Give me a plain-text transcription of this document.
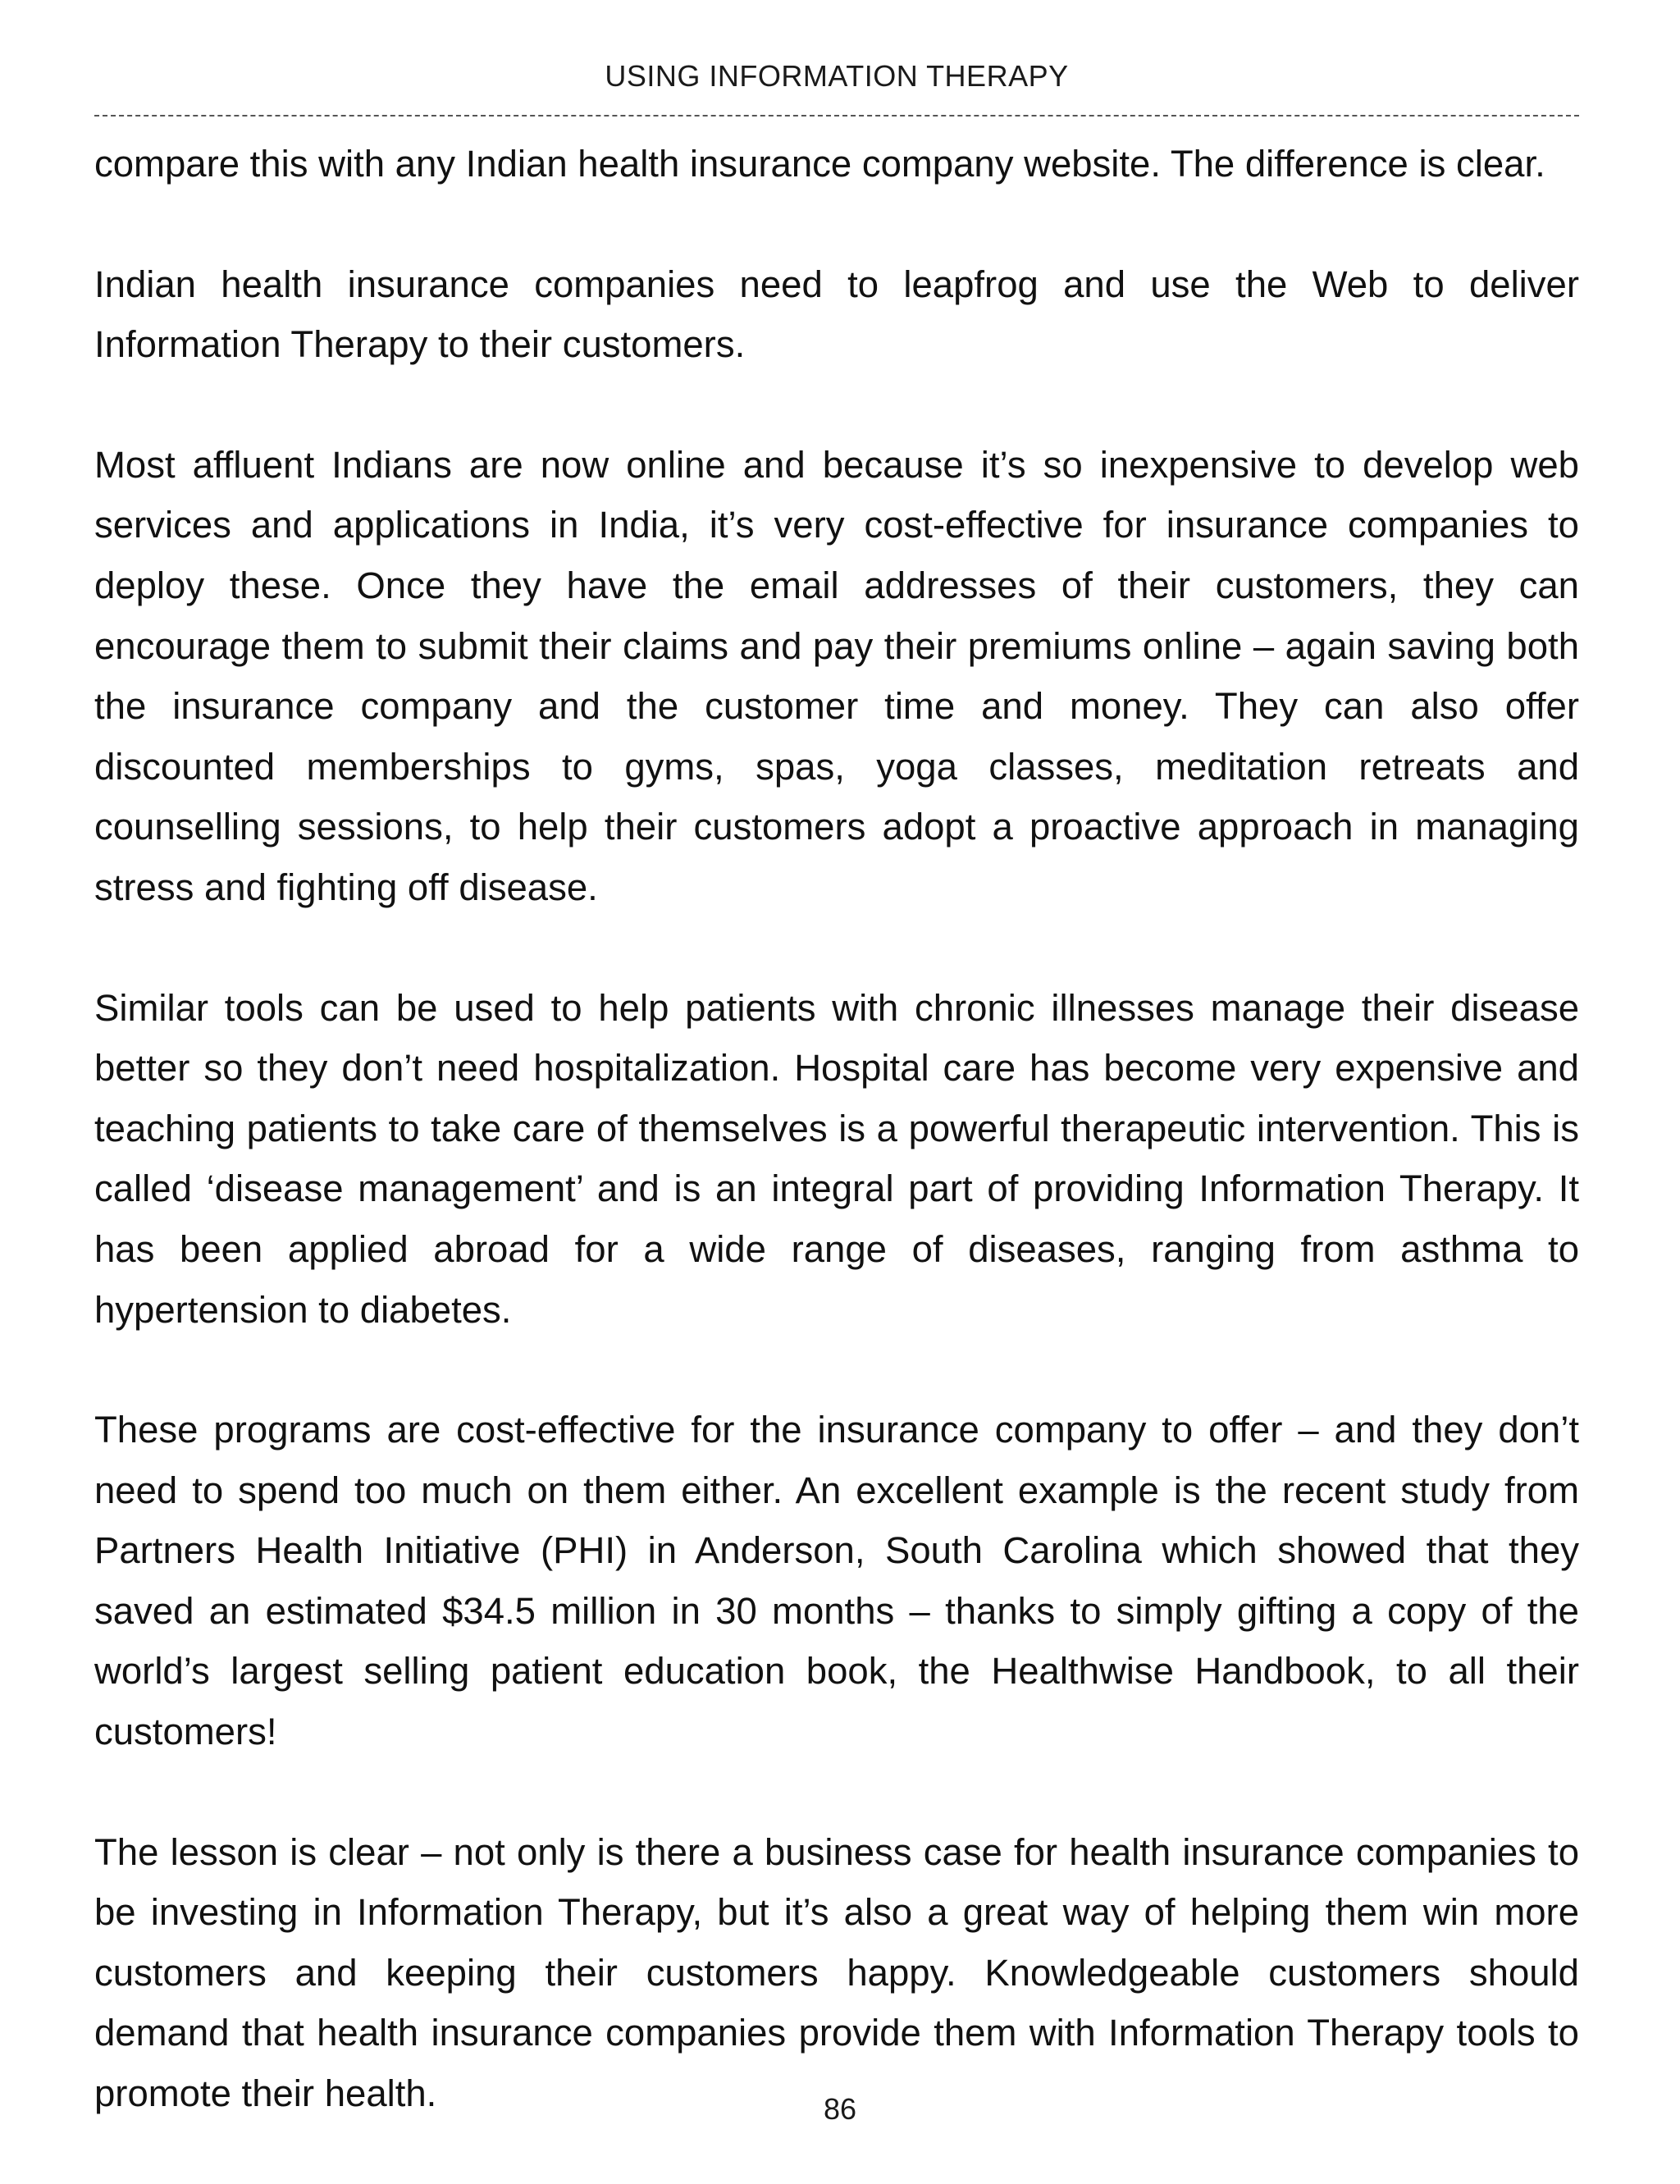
USING INFORMATION THERAPY

compare this with any Indian health insurance company website. The difference is clear.

Indian health insurance companies need to leapfrog and use the Web to deliver Information Therapy to their customers.

Most affluent Indians are now online and because it’s so inexpensive to develop web services and applications in India, it’s very cost-effective for insurance companies to deploy these. Once they have the email addresses of their customers, they can encourage them to submit their claims and pay their premiums online – again saving both the insurance company and the customer time and money. They can also offer discounted memberships to gyms, spas, yoga classes, meditation retreats and counselling sessions, to help their customers adopt a proactive approach in managing stress and fighting off disease.

Similar tools can be used to help patients with chronic illnesses manage their disease better so they don’t need hospitalization. Hospital care has become very expensive and teaching patients to take care of themselves is a powerful therapeutic intervention. This is called ‘disease management’ and is an integral part of providing Information Therapy. It has been applied abroad for a wide range of diseases, ranging from asthma to hypertension to diabetes.

These programs are cost-effective for the insurance company to offer – and they don’t need to spend too much on them either. An excellent example is the recent study from Partners Health Initiative (PHI) in Anderson, South Carolina which showed that they saved an estimated $34.5 million in 30 months – thanks to simply gifting a copy of the world’s largest selling patient education book, the Healthwise Handbook, to all their customers!

The lesson is clear – not only is there a business case for health insurance companies to be investing in Information Therapy, but it’s also a great way of helping them win more customers and keeping their customers happy. Knowledgeable customers should demand that health insurance companies provide them with Information Therapy tools to promote their health.	86
